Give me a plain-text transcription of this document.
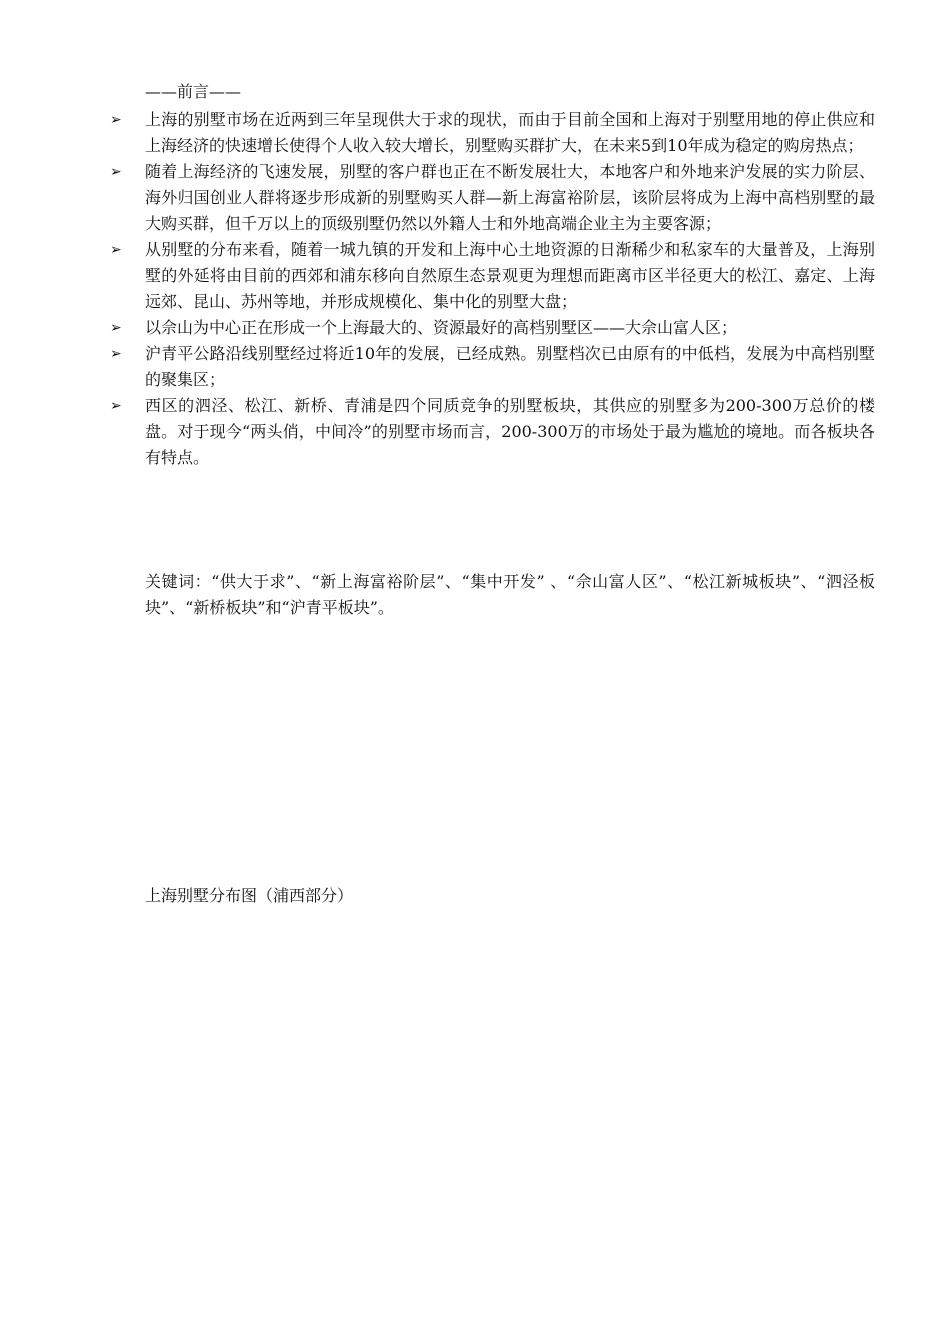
——前言——
➢	上海的别墅市场在近两到三年呈现供大于求的现状，而由于目前全国和上海对于别墅用地的停止供应和上海经济的快速增长使得个人收入较大增长，别墅购买群扩大，在未来5到10年成为稳定的购房热点；
➢	随着上海经济的飞速发展，别墅的客户群也正在不断发展壮大，本地客户和外地来沪发展的实力阶层、海外归国创业人群将逐步形成新的别墅购买人群—新上海富裕阶层，该阶层将成为上海中高档别墅的最大购买群，但千万以上的顶级别墅仍然以外籍人士和外地高端企业主为主要客源；
➢	从别墅的分布来看，随着一城九镇的开发和上海中心土地资源的日渐稀少和私家车的大量普及，上海别墅的外延将由目前的西郊和浦东移向自然原生态景观更为理想而距离市区半径更大的松江、嘉定、上海远郊、昆山、苏州等地，并形成规模化、集中化的别墅大盘；
➢	以佘山为中心正在形成一个上海最大的、资源最好的高档别墅区——大佘山富人区；
➢	沪青平公路沿线别墅经过将近10年的发展，已经成熟。别墅档次已由原有的中低档，发展为中高档别墅的聚集区；
➢	西区的泗泾、松江、新桥、青浦是四个同质竞争的别墅板块，其供应的别墅多为200-300万总价的楼盘。对于现今“两头俏，中间冷”的别墅市场而言，200-300万的市场处于最为尴尬的境地。而各板块各有特点。
关键词：“供大于求”、“新上海富裕阶层”、“集中开发” 、“佘山富人区”、“松江新城板块”、“泗泾板块”、“新桥板块”和“沪青平板块”。
上海别墅分布图（浦西部分）
